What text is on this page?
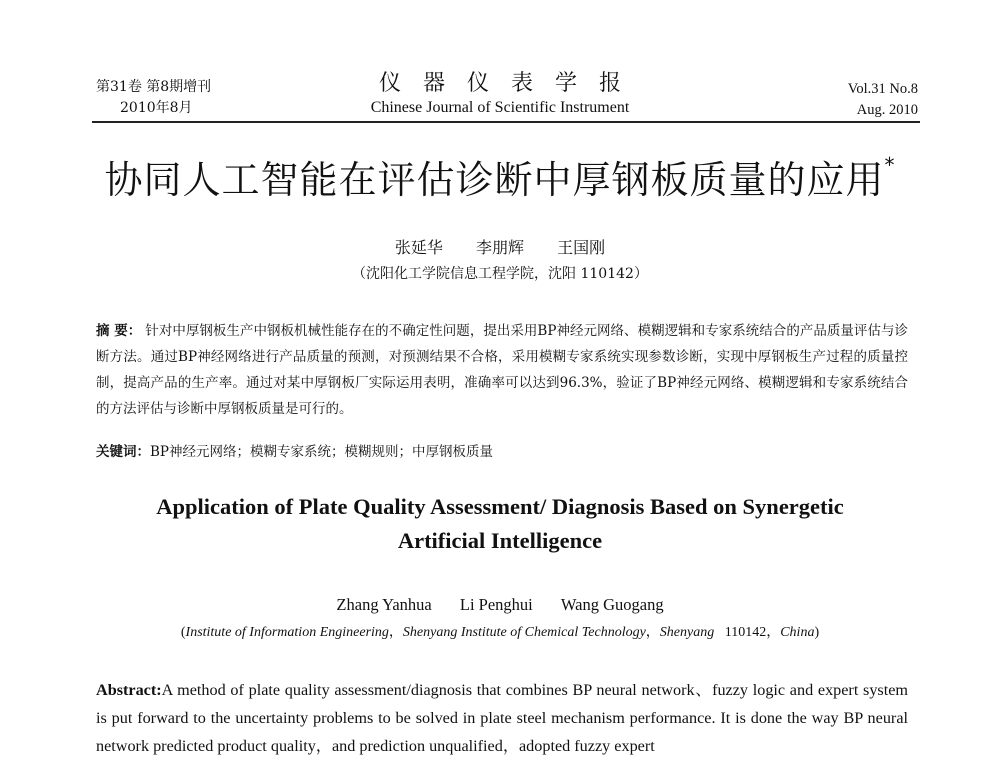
第31卷 第8期增刊
2010年8月
仪器仪表学报
Chinese Journal of Scientific Instrument
Vol.31 No.8
Aug. 2010
协同人工智能在评估诊断中厚钢板质量的应用*
张延华 李朋辉 王国刚
（沈阳化工学院信息工程学院，沈阳 110142）
摘 要： 针对中厚钢板生产中钢板机械性能存在的不确定性问题，提出采用BP神经元网络、模糊逻辑和专家系统结合的产品质量评估与诊断方法。通过BP神经网络进行产品质量的预测，对预测结果不合格，采用模糊专家系统实现参数诊断，实现中厚钢板生产过程的质量控制，提高产品的生产率。通过对某中厚钢板厂实际运用表明，准确率可以达到96.3%，验证了BP神经元网络、模糊逻辑和专家系统结合的方法评估与诊断中厚钢板质量是可行的。
关键词：BP神经元网络；模糊专家系统；模糊规则；中厚钢板质量
Application of Plate Quality Assessment/ Diagnosis Based on Synergetic
Artificial Intelligence
Zhang Yanhua Li Penghui Wang Guogang
(Institute of Information Engineering，Shenyang Institute of Chemical Technology，Shenyang 110142，China)
Abstract:A method of plate quality assessment/diagnosis that combines BP neural network、fuzzy logic and expert system is put forward to the uncertainty problems to be solved in plate steel mechanism performance. It is done the way BP neural network predicted product quality，and prediction unqualified，adopted fuzzy expert
